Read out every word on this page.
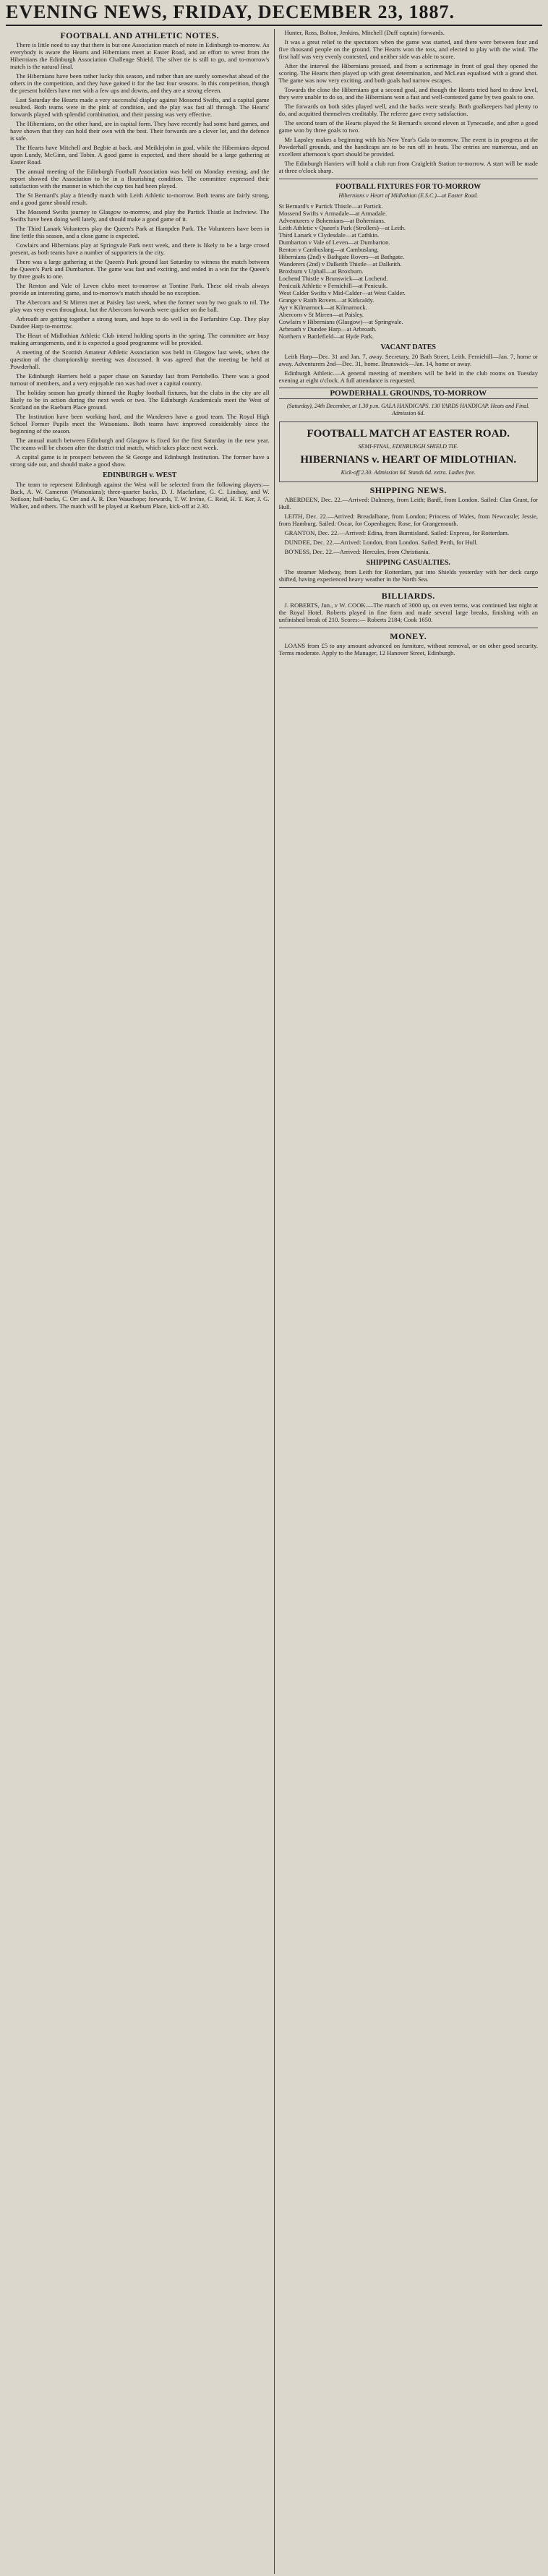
EVENING NEWS, FRIDAY, DECEMBER 23, 1887.
FOOTBALL AND ATHLETIC NOTES.

There is little need to say that there is but one Association match of note in Edinburgh to-morrow. As everybody is aware the Hearts and Hibernians meet at Easter Road, and an effort to wrest from the Hibernians the Edinburgh Association Challenge Shield. The silver tie is still to go, and to-morrow's match is the natural final.

The Hibernians have been rather lucky this season, and rather than are surely somewhat ahead of the others in the competition, and they have gained it for the last four seasons. In this competition, though the present holders have met with a few ups and downs, and they are a strong eleven.

Last Saturday the Hearts made a very successful display against Mossend Swifts, and a capital game resulted. Both teams were in the pink of condition, and the play was fast all through. The Hearts' forwards played with splendid combination, and their passing was very effective.

The Hibernians, on the other hand, are in capital form. They have recently had some hard games, and have shown that they can hold their own with the best. Their forwards are a clever lot, and the defence is safe.

The Hearts have Mitchell and Begbie at back, and Meiklejohn in goal, while the Hibernians depend upon Lundy, McGinn, and Tobin. A good game is expected, and there should be a large gathering at Easter Road.

The annual meeting of the Edinburgh Football Association was held on Monday evening, and the report showed the Association to be in a flourishing condition. The committee expressed their satisfaction with the manner in which the cup ties had been played.

The St Bernard's play a friendly match with Leith Athletic to-morrow. Both teams are fairly strong, and a good game should result.

The Mossend Swifts journey to Glasgow to-morrow, and play the Partick Thistle at Inchview. The Swifts have been doing well lately, and should make a good game of it.

The Third Lanark Volunteers play the Queen's Park at Hampden Park. The Volunteers have been in fine fettle this season, and a close game is expected.

Cowlairs and Hibernians play at Springvale Park next week, and there is likely to be a large crowd present, as both teams have a number of supporters in the city.

There was a large gathering at the Queen's Park ground last Saturday to witness the match between the Queen's Park and Dumbarton. The game was fast and exciting, and ended in a win for the Queen's by three goals to one.

The Renton and Vale of Leven clubs meet to-morrow at Tontine Park. These old rivals always provide an interesting game, and to-morrow's match should be no exception.

The Abercorn and St Mirren met at Paisley last week, when the former won by two goals to nil. The play was very even throughout, but the Abercorn forwards were quicker on the ball.

Arbroath are getting together a strong team, and hope to do well in the Forfarshire Cup. They play Dundee Harp to-morrow.

The Heart of Midlothian Athletic Club intend holding sports in the spring. The committee are busy making arrangements, and it is expected a good programme will be provided.

A meeting of the Scottish Amateur Athletic Association was held in Glasgow last week, when the question of the championship meeting was discussed. It was agreed that the meeting be held at Powderhall.

The Edinburgh Harriers held a paper chase on Saturday last from Portobello. There was a good turnout of members, and a very enjoyable run was had over a capital country.

The holiday season has greatly thinned the Rugby football fixtures, but the clubs in the city are all likely to be in action during the next week or two. The Edinburgh Academicals meet the West of Scotland on the Raeburn Place ground.

The Institution have been working hard, and the Wanderers have a good team. The Royal High School Former Pupils meet the Watsonians. Both teams have improved considerably since the beginning of the season.

The annual match between Edinburgh and Glasgow is fixed for the first Saturday in the new year. The teams will be chosen after the district trial match, which takes place next week.

A capital game is in prospect between the St George and Edinburgh Institution. The former have a strong side out, and should make a good show.

EDINBURGH v. WEST

The team to represent Edinburgh against the West will be selected from the following players:— Back, A. W. Cameron (Watsonians); three-quarter backs, D. J. Macfarlane, G. C. Lindsay, and W. Neilson; half-backs, C. Orr and A. R. Don Wauchope; forwards, T. W. Irvine, C. Reid, H. T. Ker, J. G. Walker, and others. The match will be played at Raeburn Place, kick-off at 2.30.

Hunter, Ross, Bolton, Jenkins, Mitchell (Duff captain) forwards.

It was a great relief to the spectators when the game was started, and there were between four and five thousand people on the ground. The Hearts won the toss, and elected to play with the wind. The first half was very evenly contested, and neither side was able to score.

After the interval the Hibernians pressed, and from a scrimmage in front of goal they opened the scoring. The Hearts then played up with great determination, and McLean equalised with a grand shot. The game was now very exciting, and both goals had narrow escapes.

Towards the close the Hibernians got a second goal, and though the Hearts tried hard to draw level, they were unable to do so, and the Hibernians won a fast and well-contested game by two goals to one.

The forwards on both sides played well, and the backs were steady. Both goalkeepers had plenty to do, and acquitted themselves creditably. The referee gave every satisfaction.

The second team of the Hearts played the St Bernard's second eleven at Tynecastle, and after a good game won by three goals to two.

Mr Lapsley makes a beginning with his New Year's Gala to-morrow. The event is in progress at the Powderhall grounds, and the handicaps are to be run off in heats. The entries are numerous, and an excellent afternoon's sport should be provided.

The Edinburgh Harriers will hold a club run from Craigleith Station to-morrow. A start will be made at three o'clock sharp.

FOOTBALL FIXTURES FOR TO-MORROW
Hibernians v Heart of Midlothian (E.S.C.)—at Easter Road.
St Bernard's v Partick Thistle—at Partick.
Mossend Swifts v Armadale—at Armadale.
Adventurers v Bohemians—at Bohemians.
Leith Athletic v Queen's Park (Strollers)—at Leith.
Third Lanark v Clydesdale—at Cathkin.
Dumbarton v Vale of Leven—at Dumbarton.
Renton v Cambuslang—at Cambuslang.
Hibernians (2nd) v Bathgate Rovers—at Bathgate.
Wanderers (2nd) v Dalkeith Thistle—at Dalkeith.
Broxburn v Uphall—at Broxburn.
Lochend Thistle v Brunswick—at Lochend.
Penicuik Athletic v Ferniehill—at Penicuik.
West Calder Swifts v Mid-Calder—at West Calder.
Grange v Raith Rovers—at Kirkcaldy.
Ayr v Kilmarnock—at Kilmarnock.
Abercorn v St Mirren—at Paisley.
Cowlairs v Hibernians (Glasgow)—at Springvale.
Arbroath v Dundee Harp—at Arbroath.
Northern v Battlefield—at Hyde Park.
VACANT DATES

Leith Harp—Dec. 31 and Jan. 7, away. Secretary, 20 Bath Street, Leith. Ferniehill—Jan. 7, home or away. Adventurers 2nd—Dec. 31, home. Brunswick—Jan. 14, home or away.

Edinburgh Athletic.—A general meeting of members will be held in the club rooms on Tuesday evening at eight o'clock. A full attendance is requested.

POWDERHALL GROUNDS, TO-MORROW
(Saturday), 24th December, at 1.30 p.m. GALA HANDICAPS. 130 YARDS HANDICAP. Heats and Final. Admission 6d.
FOOTBALL MATCH AT EASTER ROAD.
SEMI-FINAL, EDINBURGH SHIELD TIE.
HIBERNIANS v. HEART OF MIDLOTHIAN.
Kick-off 2.30. Admission 6d. Stands 6d. extra. Ladies free.
SHIPPING NEWS.

ABERDEEN, Dec. 22.—Arrived: Dalmeny, from Leith; Banff, from London. Sailed: Clan Grant, for Hull.

LEITH, Dec. 22.—Arrived: Breadalbane, from London; Princess of Wales, from Newcastle; Jessie, from Hamburg. Sailed: Oscar, for Copenhagen; Rose, for Grangemouth.

GRANTON, Dec. 22.—Arrived: Edina, from Burntisland. Sailed: Express, for Rotterdam.

DUNDEE, Dec. 22.—Arrived: London, from London. Sailed: Perth, for Hull.

BO'NESS, Dec. 22.—Arrived: Hercules, from Christiania.

SHIPPING CASUALTIES.

The steamer Medway, from Leith for Rotterdam, put into Shields yesterday with her deck cargo shifted, having experienced heavy weather in the North Sea.

BILLIARDS.

J. ROBERTS, Jun., v W. COOK.—The match of 3000 up, on even terms, was continued last night at the Royal Hotel. Roberts played in fine form and made several large breaks, finishing with an unfinished break of 210. Scores:— Roberts 2184; Cook 1650.

MONEY.

LOANS from £5 to any amount advanced on furniture, without removal, or on other good security. Terms moderate. Apply to the Manager, 12 Hanover Street, Edinburgh.
